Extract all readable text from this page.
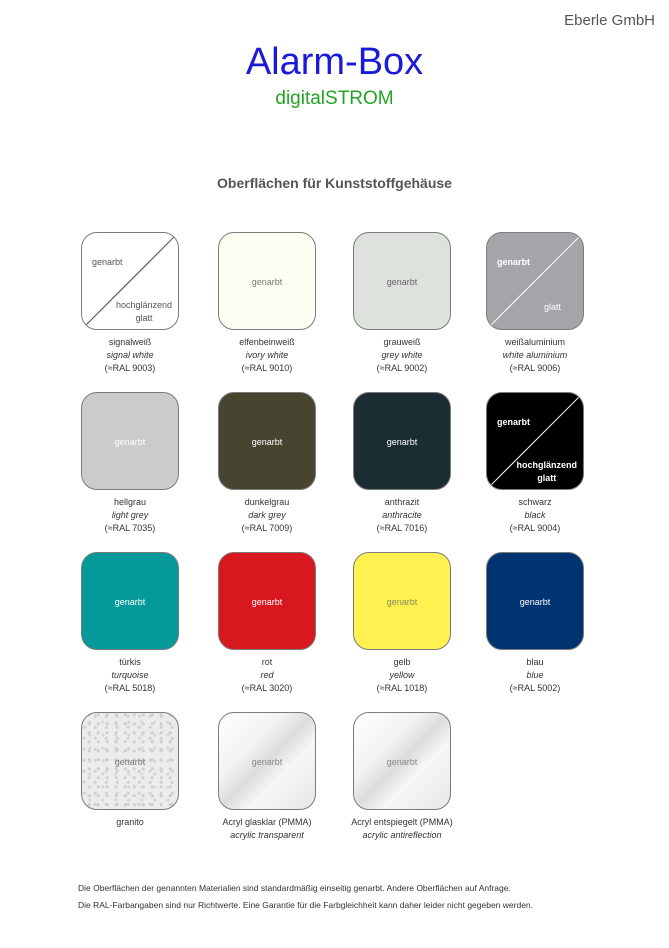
Eberle GmbH
Alarm-Box
digitalSTROM
Oberflächen für Kunststoffgehäuse
genarbt
hochglänzend
glatt
signalweiß
signal white
(≈RAL 9003)
genarbt
elfenbeinweiß
ivory white
(≈RAL 9010)
genarbt
grauweiß
grey white
(≈RAL 9002)
genarbt
glatt
weißaluminium
white aluminium
(≈RAL 9006)
genarbt
hellgrau
light grey
(≈RAL 7035)
genarbt
dunkelgrau
dark grey
(≈RAL 7009)
genarbt
anthrazit
anthracite
(≈RAL 7016)
genarbt
hochglänzend
glatt
schwarz
black
(≈RAL 9004)
genarbt
türkis
turquoise
(≈RAL 5018)
genarbt
rot
red
(≈RAL 3020)
genarbt
gelb
yellow
(≈RAL 1018)
genarbt
blau
blue
(≈RAL 5002)
genarbt
granito
genarbt
Acryl glasklar (PMMA)
acrylic transparent
genarbt
Acryl entspiegelt (PMMA)
acrylic antireflection
Die Oberflächen der genannten Materialien sind standardmäßig einseitig genarbt. Andere Oberflächen auf Anfrage.
Die RAL-Farbangaben sind nur Richtwerte. Eine Garantie für die Farbgleichheit kann daher leider nicht gegeben werden.
